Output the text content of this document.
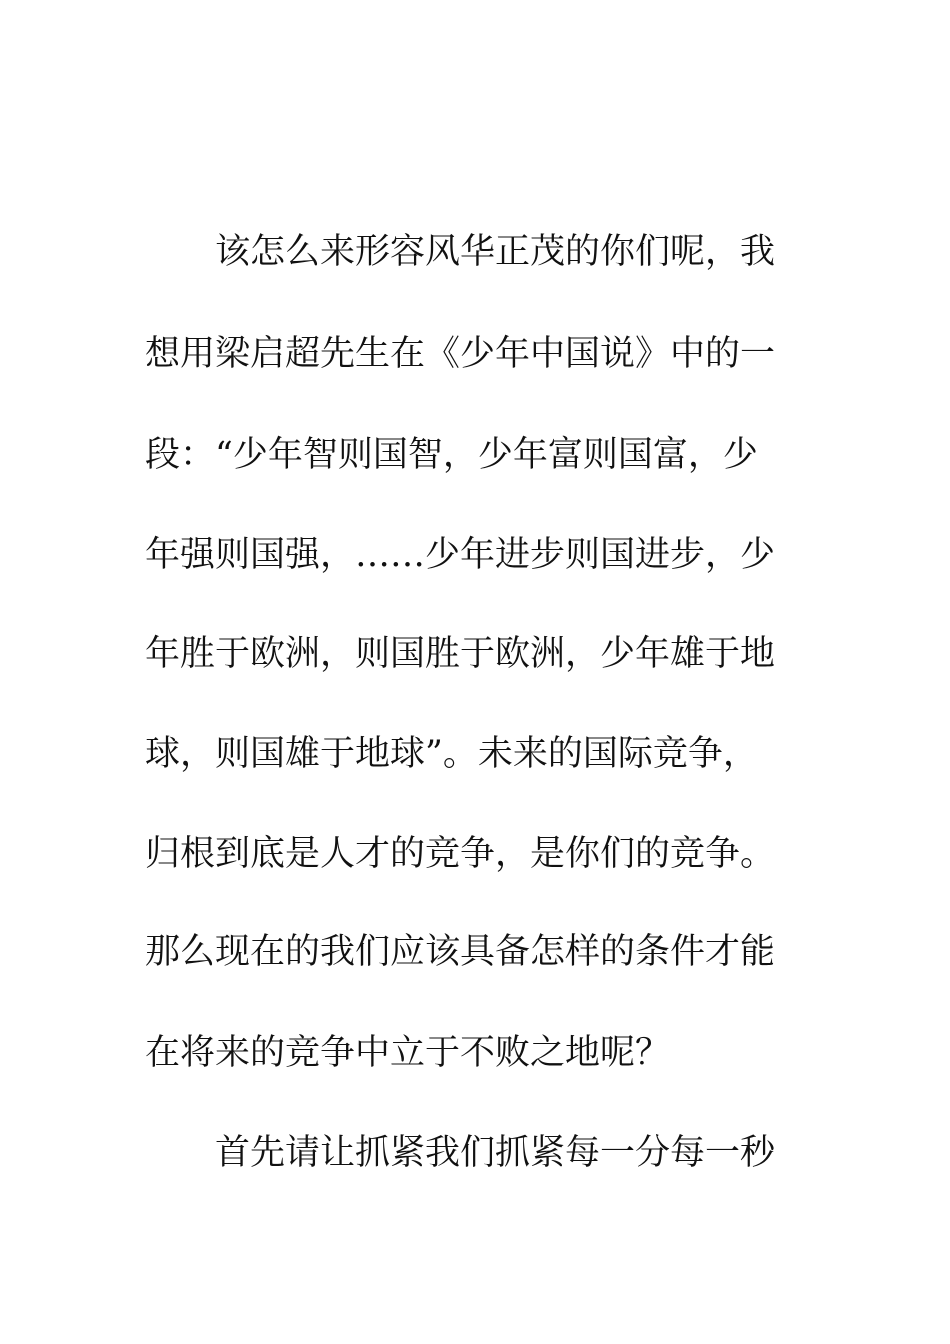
该怎么来形容风华正茂的你们呢，我
想用梁启超先生在《少年中国说》中的一
段：“少年智则国智，少年富则国富，少
年强则国强，……少年进步则国进步，少
年胜于欧洲，则国胜于欧洲，少年雄于地
球，则国雄于地球”。未来的国际竞争，
归根到底是人才的竞争，是你们的竞争。
那么现在的我们应该具备怎样的条件才能
在将来的竞争中立于不败之地呢？
首先请让抓紧我们抓紧每一分每一秒
